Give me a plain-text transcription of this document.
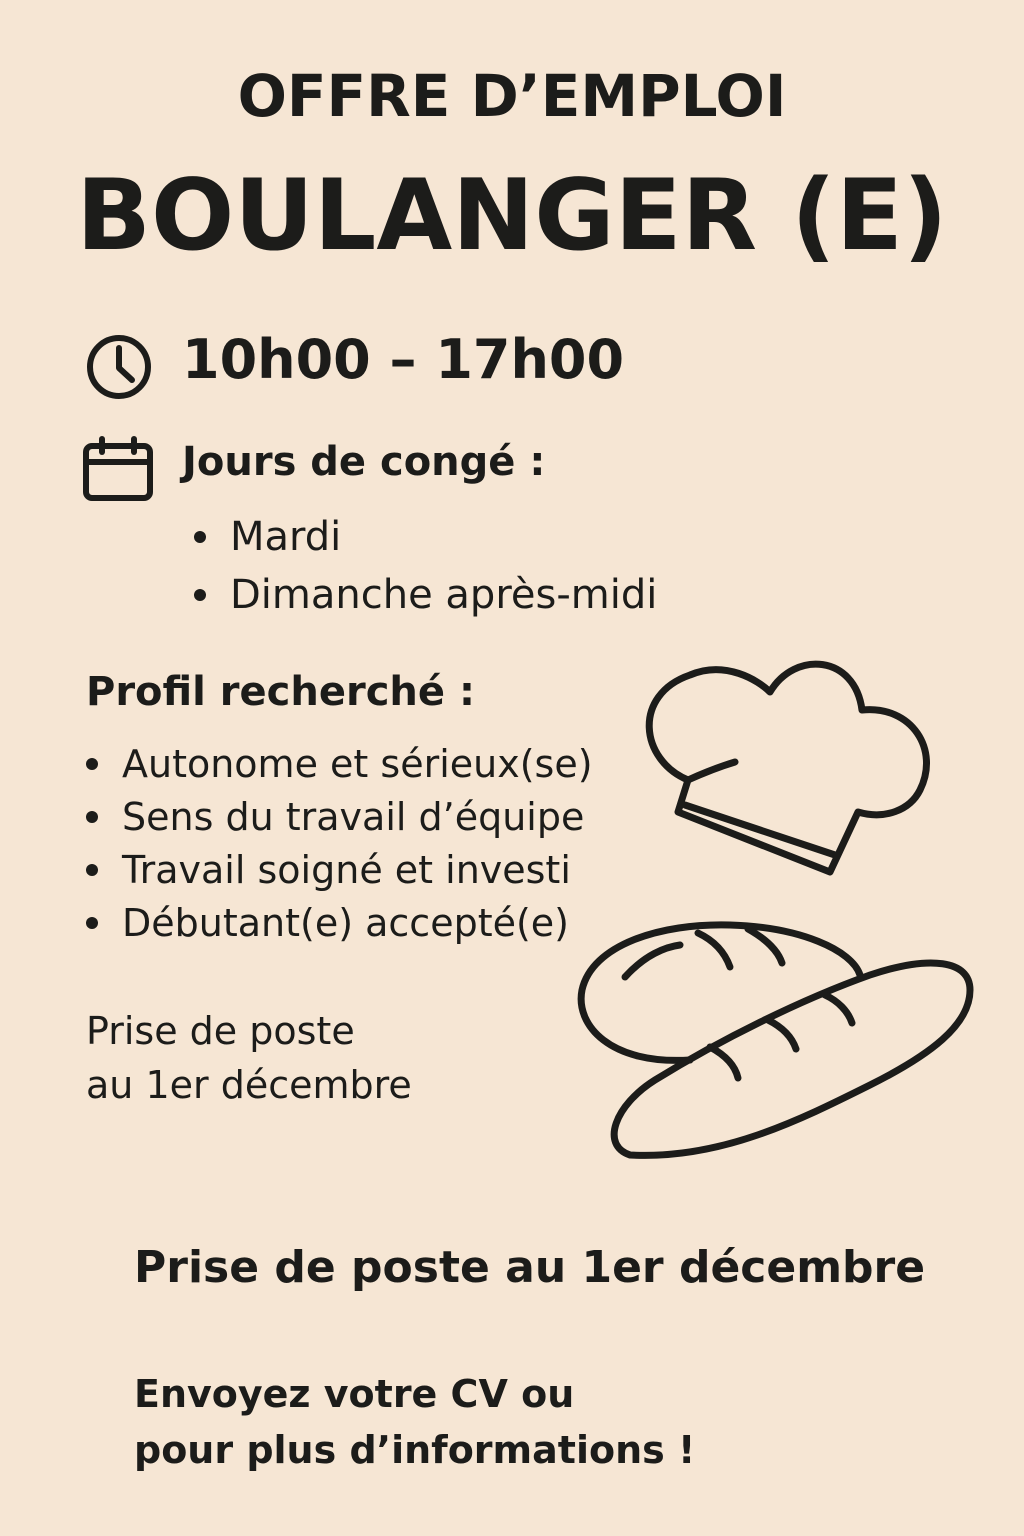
OFFRE D’EMPLOI
BOULANGER (E)
10h00 – 17h00
Jours de congé :
Mardi
Dimanche après-midi
Profil recherché :
Autonome et sérieux(se)
Sens du travail d’équipe
Travail soigné et investi
Débutant(e) accepté(e)

Prise de poste
au 1er décembre

Prise de poste au 1er décembre

Envoyez votre CV ou
pour plus d’informations !
